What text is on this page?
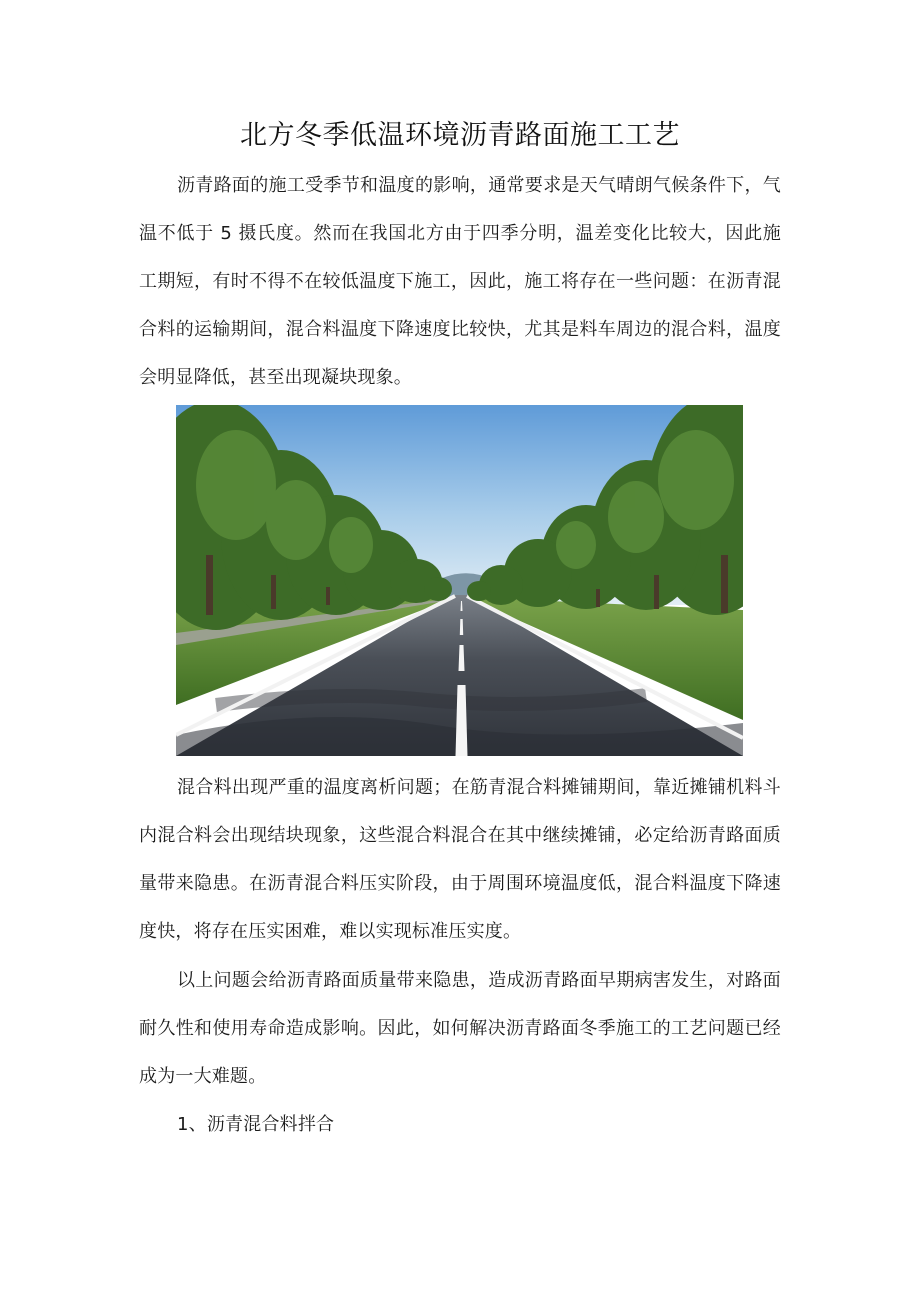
北方冬季低温环境沥青路面施工工艺

沥青路面的施工受季节和温度的影响，通常要求是天气晴朗气候条件下，气温不低于 5 摄氏度。然而在我国北方由于四季分明，温差变化比较大，因此施工期短，有时不得不在较低温度下施工，因此，施工将存在一些问题：在沥青混合料的运输期间，混合料温度下降速度比较快，尤其是料车周边的混合料，温度会明显降低，甚至出现凝块现象。

混合料出现严重的温度离析问题；在筋青混合料摊铺期间，靠近摊铺机料斗内混合料会出现结块现象，这些混合料混合在其中继续摊铺，必定给沥青路面质量带来隐患。在沥青混合料压实阶段，由于周围环境温度低，混合料温度下降速度快，将存在压实困难，难以实现标准压实度。

以上问题会给沥青路面质量带来隐患，造成沥青路面早期病害发生，对路面耐久性和使用寿命造成影响。因此，如何解决沥青路面冬季施工的工艺问题已经成为一大难题。

1、沥青混合料拌合
